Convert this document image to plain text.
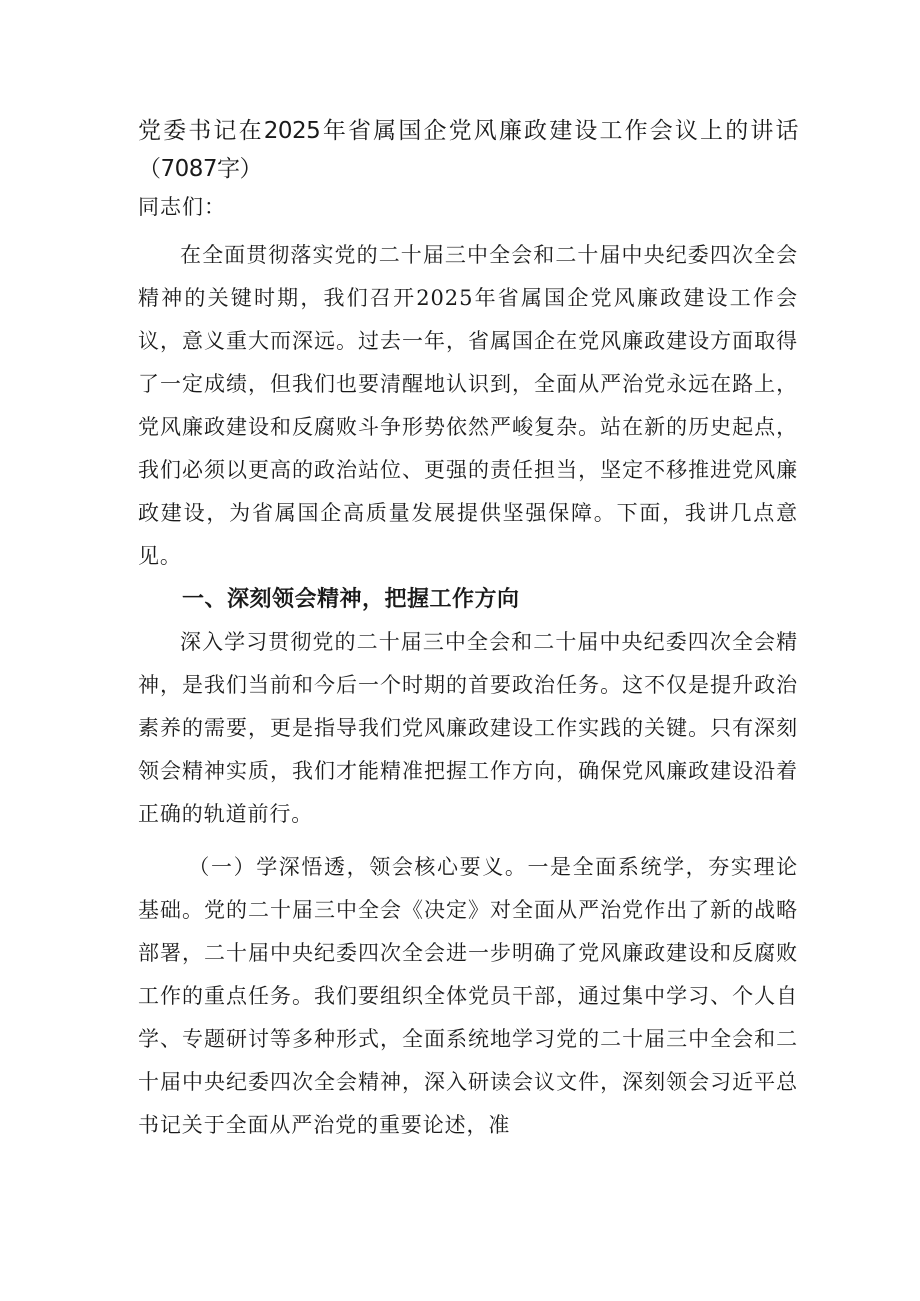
党委书记在2025年省属国企党风廉政建设工作会议上的讲话（7087字）

同志们：

在全面贯彻落实党的二十届三中全会和二十届中央纪委四次全会精神的关键时期，我们召开2025年省属国企党风廉政建设工作会议，意义重大而深远。过去一年，省属国企在党风廉政建设方面取得了一定成绩，但我们也要清醒地认识到，全面从严治党永远在路上，党风廉政建设和反腐败斗争形势依然严峻复杂。站在新的历史起点，我们必须以更高的政治站位、更强的责任担当，坚定不移推进党风廉政建设，为省属国企高质量发展提供坚强保障。下面，我讲几点意见。

一、深刻领会精神，把握工作方向

深入学习贯彻党的二十届三中全会和二十届中央纪委四次全会精神，是我们当前和今后一个时期的首要政治任务。这不仅是提升政治素养的需要，更是指导我们党风廉政建设工作实践的关键。只有深刻领会精神实质，我们才能精准把握工作方向，确保党风廉政建设沿着正确的轨道前行。

（一）学深悟透，领会核心要义。一是全面系统学，夯实理论基础。党的二十届三中全会《决定》对全面从严治党作出了新的战略部署，二十届中央纪委四次全会进一步明确了党风廉政建设和反腐败工作的重点任务。我们要组织全体党员干部，通过集中学习、个人自学、专题研讨等多种形式，全面系统地学习党的二十届三中全会和二十届中央纪委四次全会精神，深入研读会议文件，深刻领会习近平总书记关于全面从严治党的重要论述，准
